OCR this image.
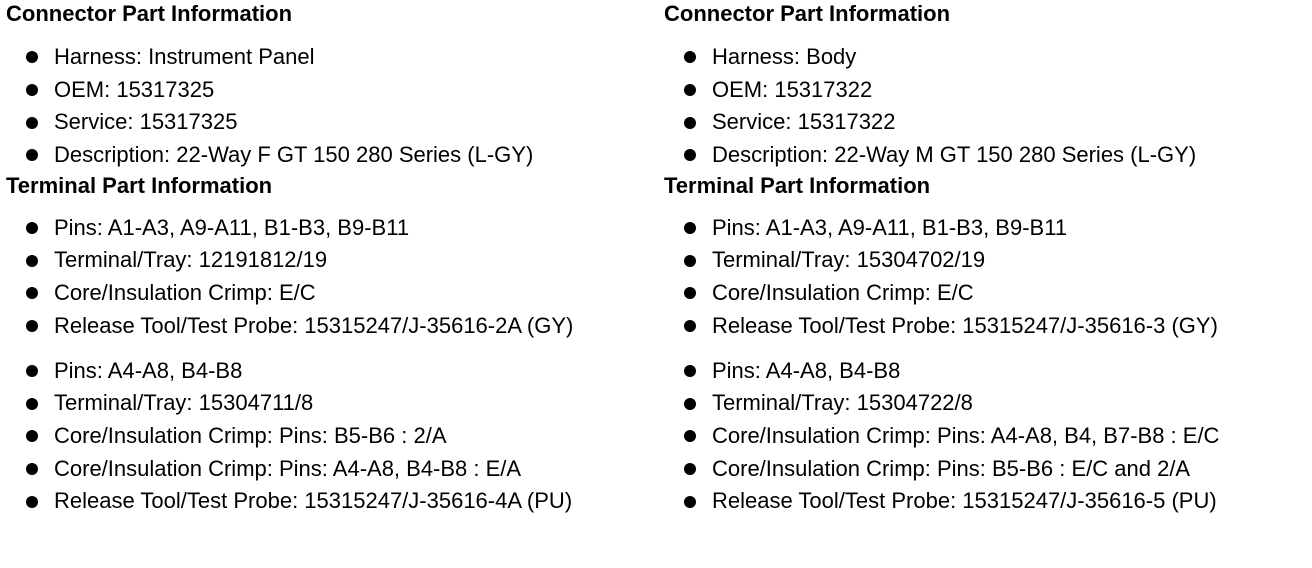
Connector Part Information
Harness: Instrument Panel
OEM: 15317325
Service: 15317325
Description: 22-Way F GT 150 280 Series (L-GY)
Terminal Part Information
Pins: A1-A3, A9-A11, B1-B3, B9-B11
Terminal/Tray: 12191812/19
Core/Insulation Crimp: E/C
Release Tool/Test Probe: 15315247/J-35616-2A (GY)
Pins: A4-A8, B4-B8
Terminal/Tray: 15304711/8
Core/Insulation Crimp: Pins: B5-B6 : 2/A
Core/Insulation Crimp: Pins: A4-A8, B4-B8 : E/A
Release Tool/Test Probe: 15315247/J-35616-4A (PU)
Connector Part Information
Harness: Body
OEM: 15317322
Service: 15317322
Description: 22-Way M GT 150 280 Series (L-GY)
Terminal Part Information
Pins: A1-A3, A9-A11, B1-B3, B9-B11
Terminal/Tray: 15304702/19
Core/Insulation Crimp: E/C
Release Tool/Test Probe: 15315247/J-35616-3 (GY)
Pins: A4-A8, B4-B8
Terminal/Tray: 15304722/8
Core/Insulation Crimp: Pins: A4-A8, B4, B7-B8 : E/C
Core/Insulation Crimp: Pins: B5-B6 : E/C and 2/A
Release Tool/Test Probe: 15315247/J-35616-5 (PU)
